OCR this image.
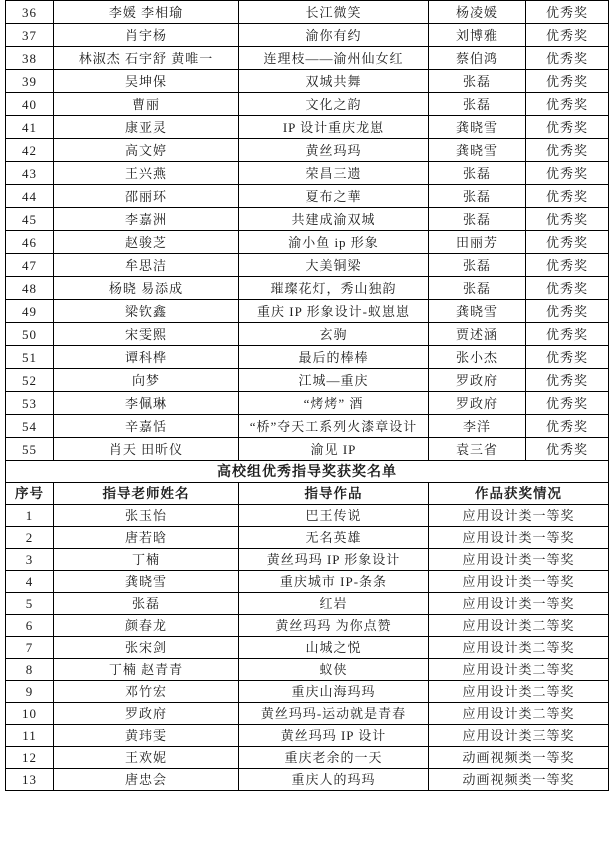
36	李媛 李相瑜	长江微笑	杨凌媛	优秀奖
37	肖宇杨	渝你有约	刘博雅	优秀奖
38	林淑杰 石宇舒 黄唯一	连理枝——渝州仙女红	蔡伯鸿	优秀奖
39	吴坤保	双城共舞	张磊	优秀奖
40	曹丽	文化之韵	张磊	优秀奖
41	康亚灵	IP 设计重庆龙崽	龚晓雪	优秀奖
42	高文婷	黄丝玛玛	龚晓雪	优秀奖
43	王兴燕	荣昌三遗	张磊	优秀奖
44	邵丽环	夏布之華	张磊	优秀奖
45	李嘉洲	共建成渝双城	张磊	优秀奖
46	赵骏芝	渝小鱼 ip 形象	田丽芳	优秀奖
47	牟思洁	大美铜梁	张磊	优秀奖
48	杨晓 易添成	璀璨花灯，秀山独韵	张磊	优秀奖
49	梁钦鑫	重庆 IP 形象设计-蚁崽崽	龚晓雪	优秀奖
50	宋雯熙	玄驹	贾述涵	优秀奖
51	谭科桦	最后的棒棒	张小杰	优秀奖
52	向梦	江城—重庆	罗政府	优秀奖
53	李佩琳	“烤烤” 酒	罗政府	优秀奖
54	辛嘉恬	“桥”夺天工系列火漆章设计	李洋	优秀奖
55	肖天 田昕仪	渝见 IP	袁三省	优秀奖
高校组优秀指导奖获奖名单			
序号	指导老师姓名	指导作品	作品获奖情况
1	张玉怡	巴王传说	应用设计类一等奖
2	唐若晗	无名英雄	应用设计类一等奖
3	丁楠	黄丝玛玛 IP 形象设计	应用设计类一等奖
4	龚晓雪	重庆城市 IP-条条	应用设计类一等奖
5	张磊	红岩	应用设计类一等奖
6	颜春龙	黄丝玛玛 为你点赞	应用设计类二等奖
7	张宋剑	山城之悦	应用设计类二等奖
8	丁楠 赵青青	蚁侠	应用设计类二等奖
9	邓竹宏	重庆山海玛玛	应用设计类二等奖
10	罗政府	黄丝玛玛-运动就是青春	应用设计类二等奖
11	黄玮雯	黄丝玛玛 IP 设计	应用设计类三等奖
12	王欢妮	重庆老余的一天	动画视频类一等奖
13	唐忠会	重庆人的玛玛	动画视频类一等奖
